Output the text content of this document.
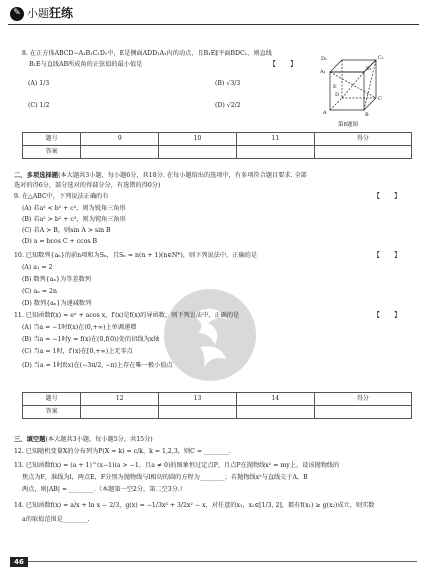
✎ 小题狂练
8. 在正方体ABCD−A₁B₁C₁D₁中，E是侧面ADD₁A₁内的动点，且B₁E∥平面BDC₁，则直线
B₁E与直线AB所成角的正弦值的最小值是	【　　】
(A) 1/3	(B) √3/3
(C) 1/2	(D) √2/2
D₁	C₁
A₁	B₁
D
C
A	B
E
第8题图
题号	9	10	11	得分
答案				
二、多项选择题(本大题共3小题，每小题6分，共18分. 在每小题给出的选项中，有多项符合题目要求. 全部
选对的得6分，部分选对的得部分分，有选错的得0分)
9. 在△ABC中，下列说法正确的有	【　　】
(A) 若a² < b² + c²，则为锐角三角形
(B) 若a² > b² + c²，则为钝角三角形
(C) 若A > B，则sin A > sin B
(D) a = bcos C + ccos B
10. 已知数列{aₙ}的前n项和为Sₙ，且Sₙ = n(n + 1)(n∈N*)，则下列说法中，正确的是	【　　】
(A) a₁ = 2
(B) 数列{aₙ}为等差数列
(C) aₙ = 2n
(D) 数列{aₙ}为递减数列
11. 已知函数f(x) = eˣ + acos x，f′(x)是f(x)的导函数，则下列说法中，正确的是	【　　】
(A) 当a = −1时f(x)在(0,+∞)上单调递增
(B) 当a = −1时y = f(x)在(0,f(0))处的切线为x轴
(C) 当a = 1时，f′(x)在[0,+∞)上无零点
(D) 当a = 1时f(x)在(−3π/2, −π)上存在唯一极小值点
题号	12	13	14	得分
答案				
三、填空题(本大题共3小题，每小题5分，共15分)
12. 已知随机变量X的分布列为P(X = k) = c/k，k = 1,2,3，则C = ________.
13. 已知函数f(x) = (a + 1)^(x−1)(a > −1，且a ≠ 0)的图象恒过定点P，且点P在抛物线x² = my上，设该抛物线的
焦点为F，准线为l，两点E，F分别为抛物线与l相切的圆的方程为________；若抛物线x²与直线交于A，B
两点，则|AB| = ________.（本题第一空2分，第二空3分.）
14. 已知函数f(x) = a/x + ln x − 2/3，g(x) = −1/3x³ + 3/2x² − x，对任意的x₁，x₂∈[1/3, 2]，都有f(x₁) ≥ g(x₂)成立，则实数
a的取值范围是________.
46
